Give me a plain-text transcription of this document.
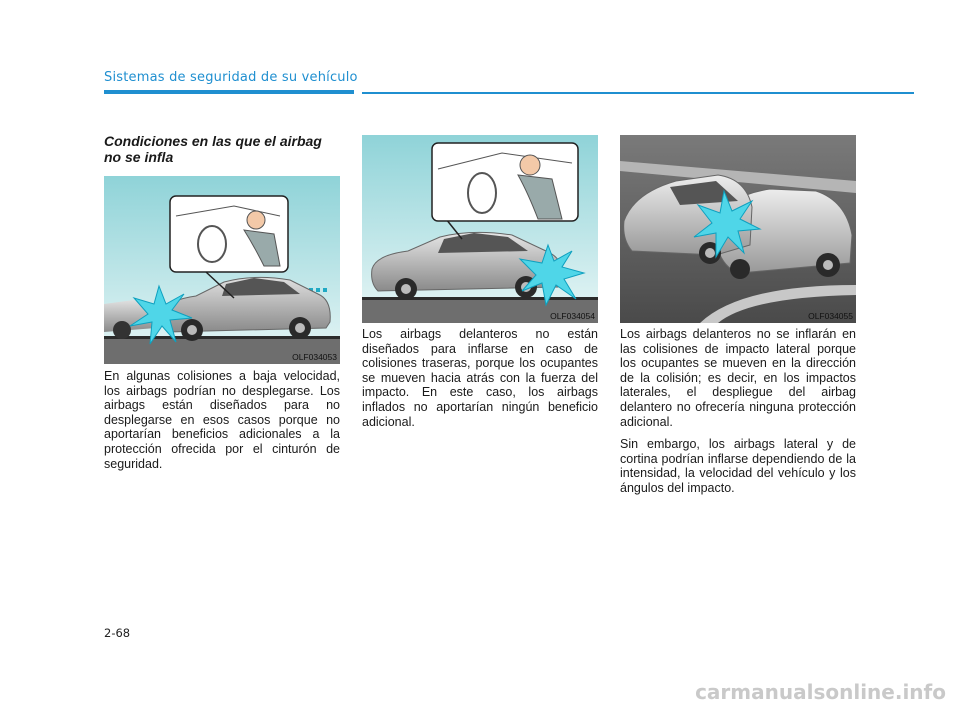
Sistemas de seguridad de su vehículo
Condiciones en las que el airbag no se infla
OLF034053
OLF034054	OLF034055

En algunas colisiones a baja velocidad, los airbags podrían no desplegarse. Los airbags están diseñados para no desplegarse en esos casos porque no aportarían beneficios adicionales a la protección ofrecida por el cinturón de seguridad.

Los airbags delanteros no están diseñados para inflarse en caso de colisiones traseras, porque los ocupantes se mueven hacia atrás con la fuerza del impacto. En este caso, los airbags inflados no aportarían ningún beneficio adicional.

Los airbags delanteros no se inflarán en las colisiones de impacto lateral porque los ocupantes se mueven en la dirección de la colisión; es decir, en los impactos laterales, el despliegue del airbag delantero no ofrecería ninguna protección adicional.

Sin embargo, los airbags lateral y de cortina podrían inflarse dependiendo de la intensidad, la velocidad del vehículo y los ángulos del impacto.

2-68
carmanualsonline.info
